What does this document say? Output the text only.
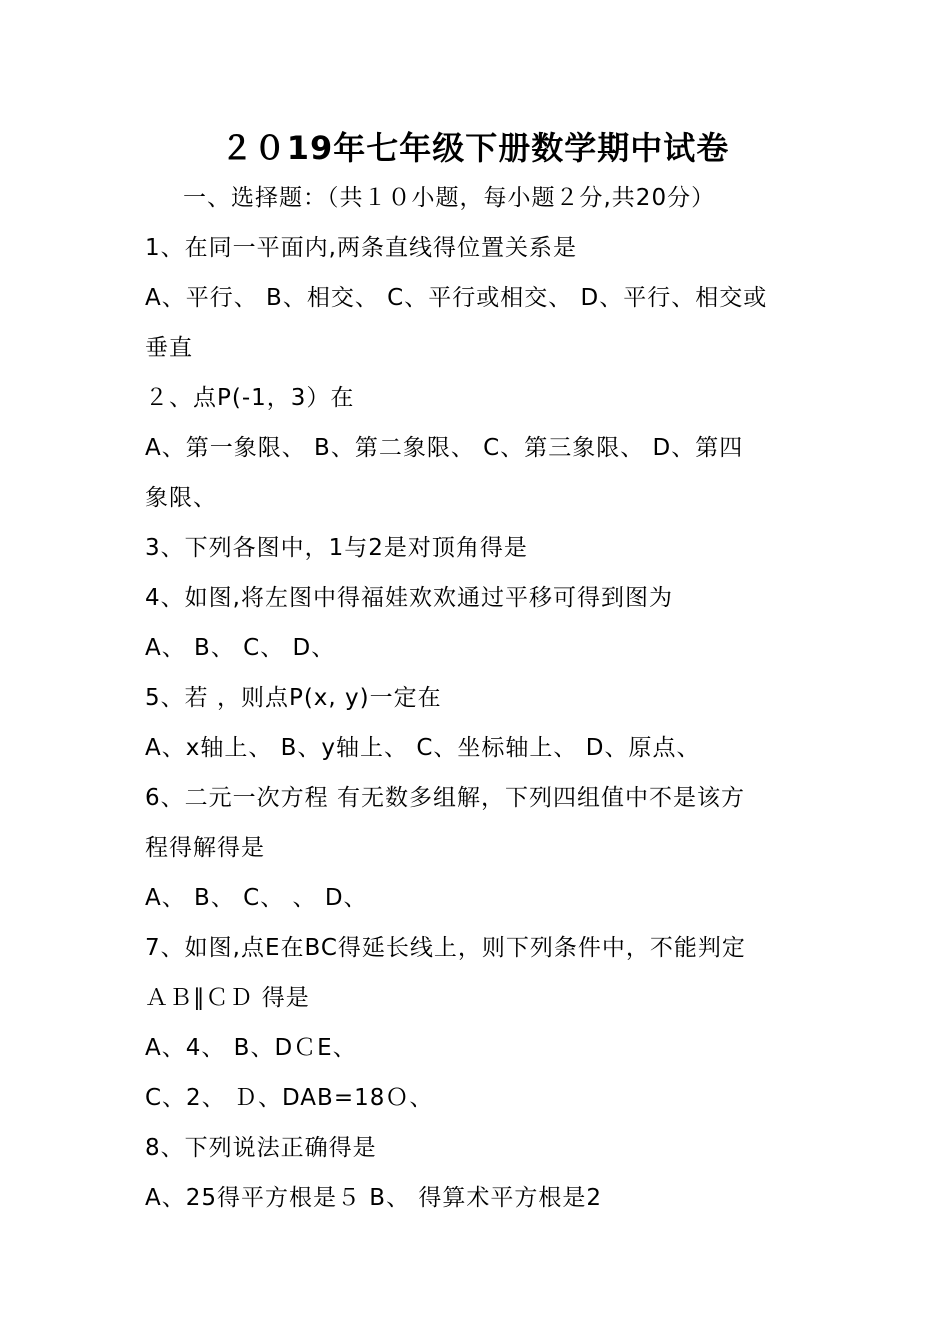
２０19年七年级下册数学期中试卷
一、选择题：（共１０小题，每小题２分,共20分）
1、在同一平面内,两条直线得位置关系是
A、平行、 B、相交、 C、平行或相交、 D、平行、相交或
垂直
２、点P(-1，3）在
A、第一象限、 B、第二象限、 C、第三象限、 D、第四
象限、
3、下列各图中，1与2是对顶角得是
4、如图,将左图中得福娃欢欢通过平移可得到图为
A、 B、 C、 D、
5、若 ，则点P(x, y)一定在
A、x轴上、 B、y轴上、 C、坐标轴上、 D、原点、
6、二元一次方程 有无数多组解，下列四组值中不是该方
程得解得是
A、 B、 C、 、 D、
7、如图,点E在BC得延长线上，则下列条件中，不能判定
ＡＢ∥ＣＤ 得是
A、4、 B、DＣE、
C、2、 Ｄ、DAB=18Ｏ、
8、下列说法正确得是
A、25得平方根是５ B、 得算术平方根是2
